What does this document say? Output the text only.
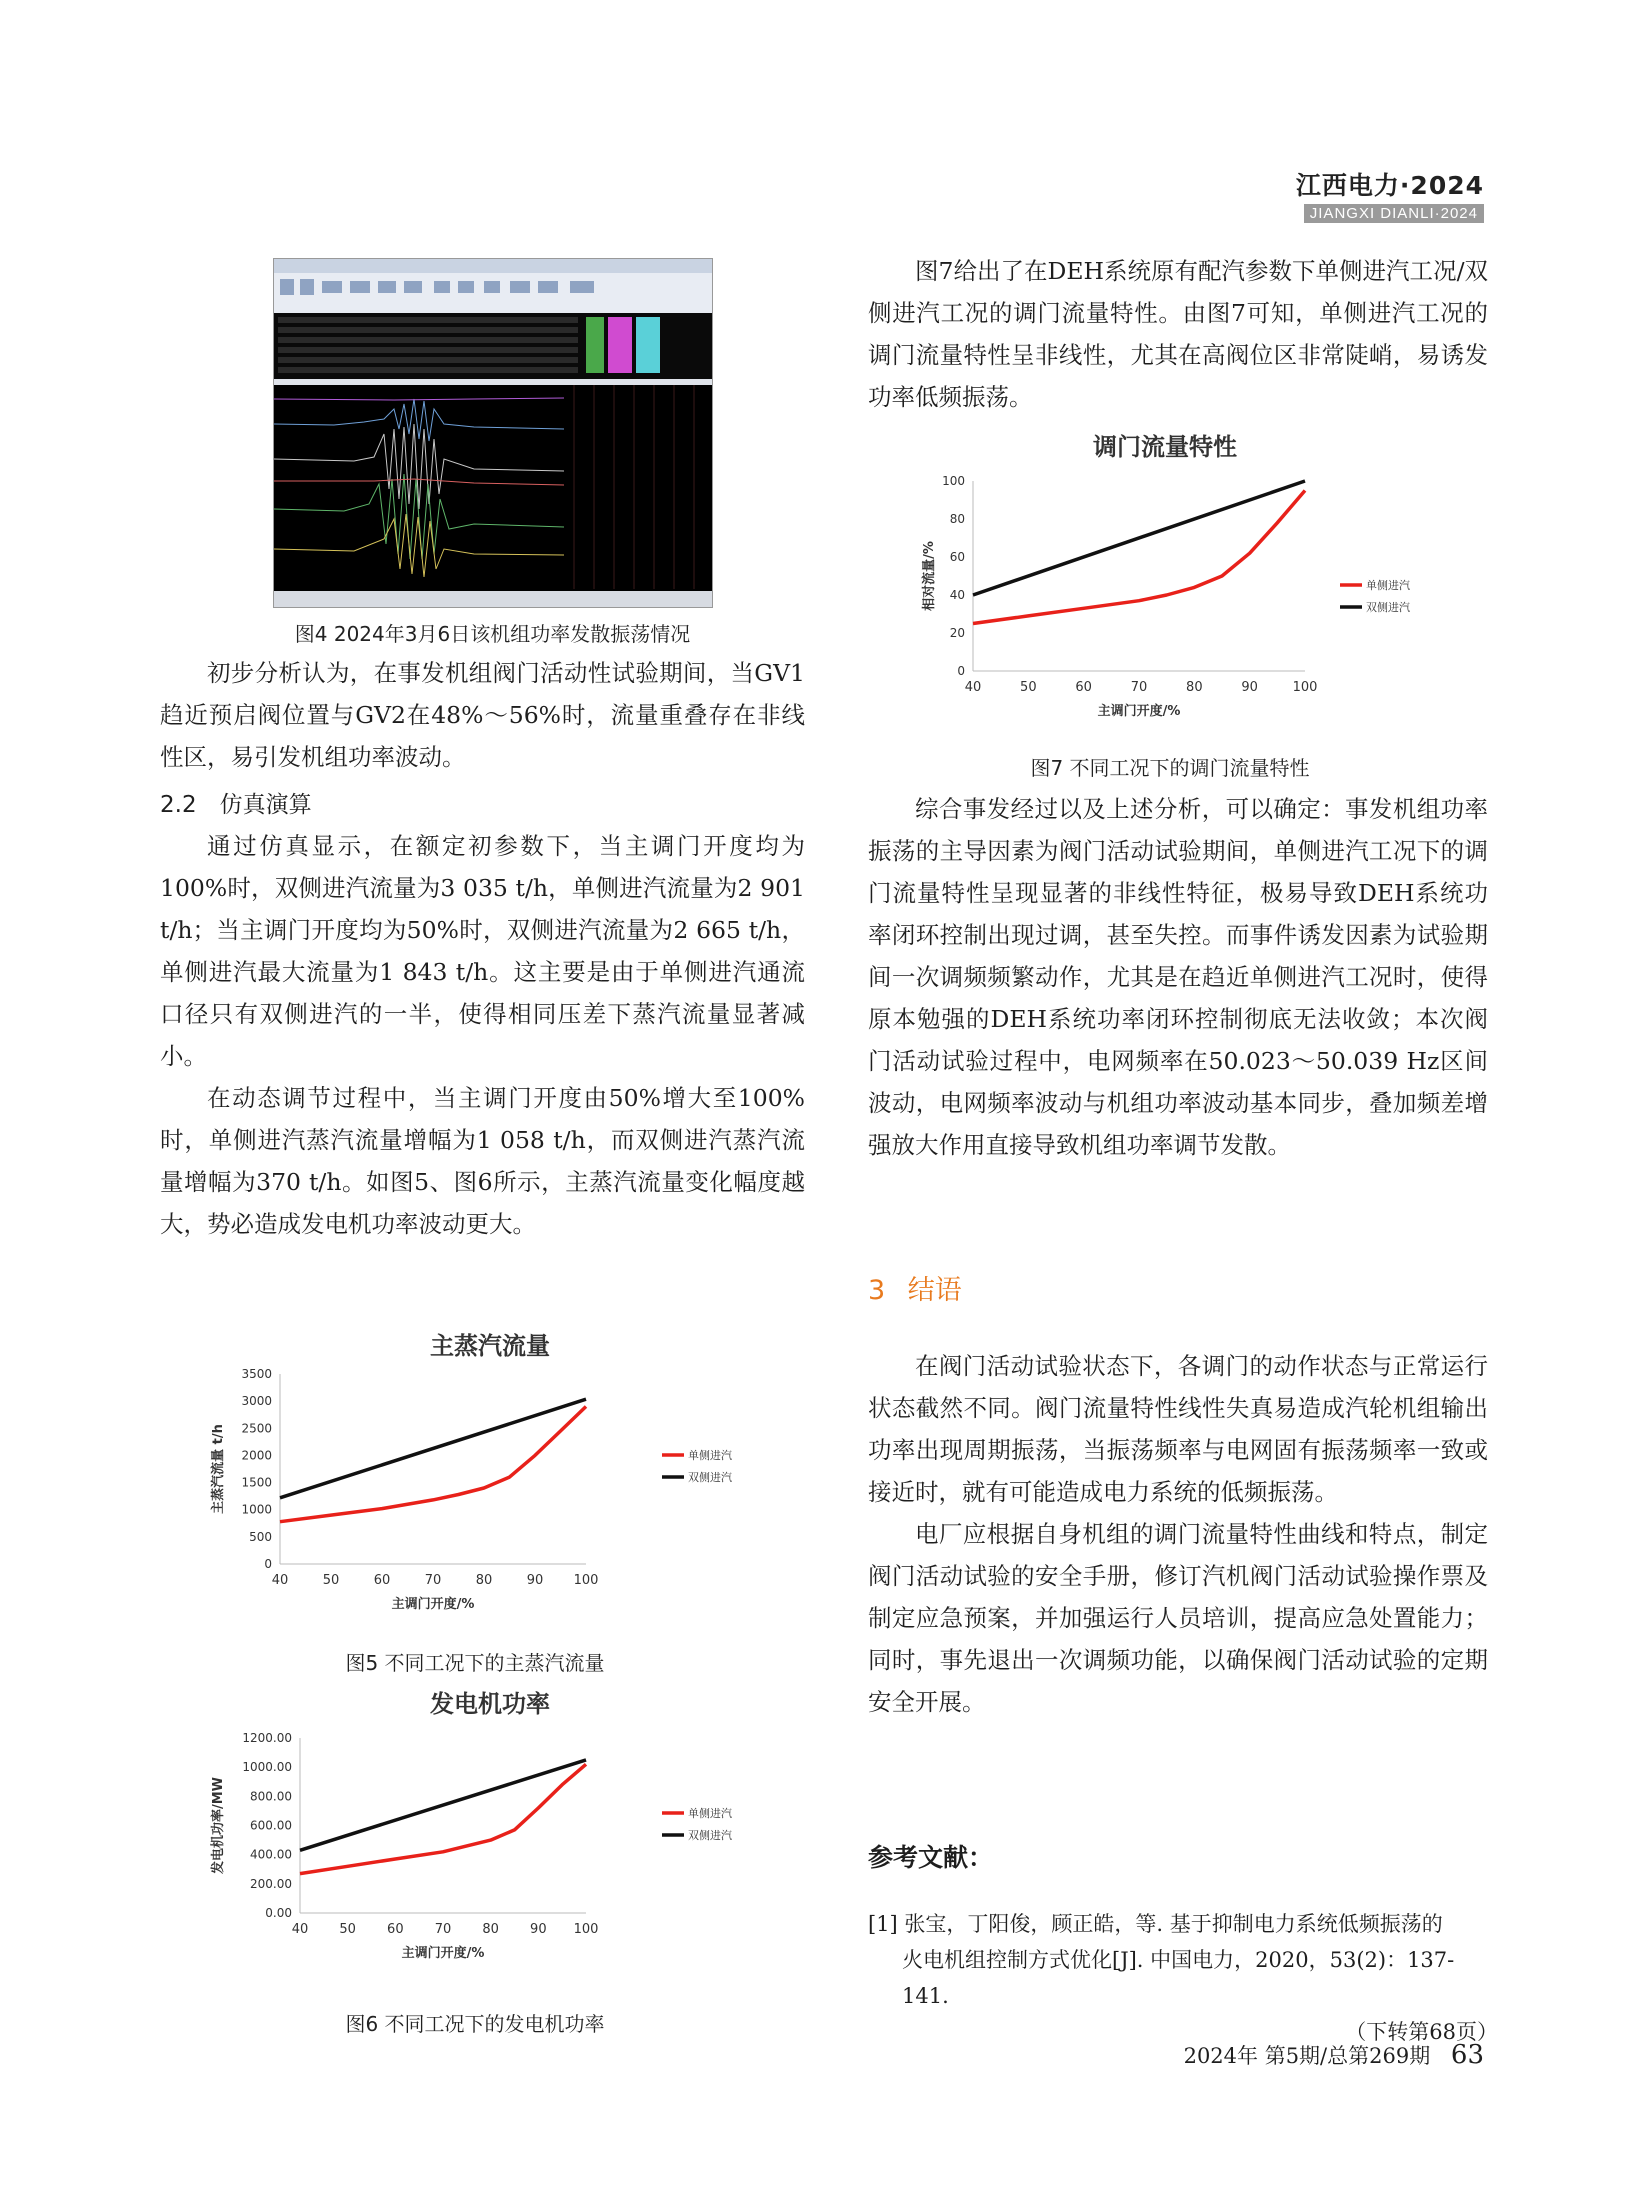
江西电力·2024
JIANGXI DIANLI·2024
图4 2024年3月6日该机组功率发散振荡情况

初步分析认为，在事发机组阀门活动性试验期间，当GV1趋近预启阀位置与GV2在48%～56%时，流量重叠存在非线性区，易引发机组功率波动。

2.2　仿真演算

通过仿真显示，在额定初参数下，当主调门开度均为100%时，双侧进汽流量为3 035 t/h，单侧进汽流量为2 901 t/h；当主调门开度均为50%时，双侧进汽流量为2 665 t/h，单侧进汽最大流量为1 843 t/h。这主要是由于单侧进汽通流口径只有双侧进汽的一半，使得相同压差下蒸汽流量显著减小。

在动态调节过程中，当主调门开度由50%增大至100%时，单侧进汽蒸汽流量增幅为1 058 t/h，而双侧进汽蒸汽流量增幅为370 t/h。如图5、图6所示，主蒸汽流量变化幅度越大，势必造成发电机功率波动更大。

主蒸汽流量
0
500
1000
1500
2000
2500
3000
3500
40	50	60	70	80	90 100
主调门开度/%
主蒸汽流量 t/h	单侧进汽
双侧进汽
图5 不同工况下的主蒸汽流量
发电机功率
0.00
200.00
400.00
600.00
800.00
1000.00
1200.00
40 50 60 70 80 90 100
主调门开度/%
发电机功率/MW	单侧进汽
双侧进汽
图6 不同工况下的发电机功率

图7给出了在DEH系统原有配汽参数下单侧进汽工况/双侧进汽工况的调门流量特性。由图7可知，单侧进汽工况的调门流量特性呈非线性，尤其在高阀位区非常陡峭，易诱发功率低频振荡。

调门流量特性
0
20
40
60
80
100
40	50	60	70	80	90	100
主调门开度/%
相对流量/%	单侧进汽
双侧进汽
图7 不同工况下的调门流量特性

综合事发经过以及上述分析，可以确定：事发机组功率振荡的主导因素为阀门活动试验期间，单侧进汽工况下的调门流量特性呈现显著的非线性特征，极易导致DEH系统功率闭环控制出现过调，甚至失控。而事件诱发因素为试验期间一次调频频繁动作，尤其是在趋近单侧进汽工况时，使得原本勉强的DEH系统功率闭环控制彻底无法收敛；本次阀门活动试验过程中，电网频率在50.023～50.039 Hz区间波动，电网频率波动与机组功率波动基本同步，叠加频差增强放大作用直接导致机组功率调节发散。

3 结语

在阀门活动试验状态下，各调门的动作状态与正常运行状态截然不同。阀门流量特性线性失真易造成汽轮机组输出功率出现周期振荡，当振荡频率与电网固有振荡频率一致或接近时，就有可能造成电力系统的低频振荡。

电厂应根据自身机组的调门流量特性曲线和特点，制定阀门活动试验的安全手册，修订汽机阀门活动试验操作票及制定应急预案，并加强运行人员培训，提高应急处置能力；同时，事先退出一次调频功能，以确保阀门活动试验的定期安全开展。

参考文献：
[1] 张宝，丁阳俊，顾正皓，等. 基于抑制电力系统低频振荡的
火电机组控制方式优化[J]. 中国电力，2020，53(2)：137-141.
（下转第68页）
2024年 第5期/总第269期 63
